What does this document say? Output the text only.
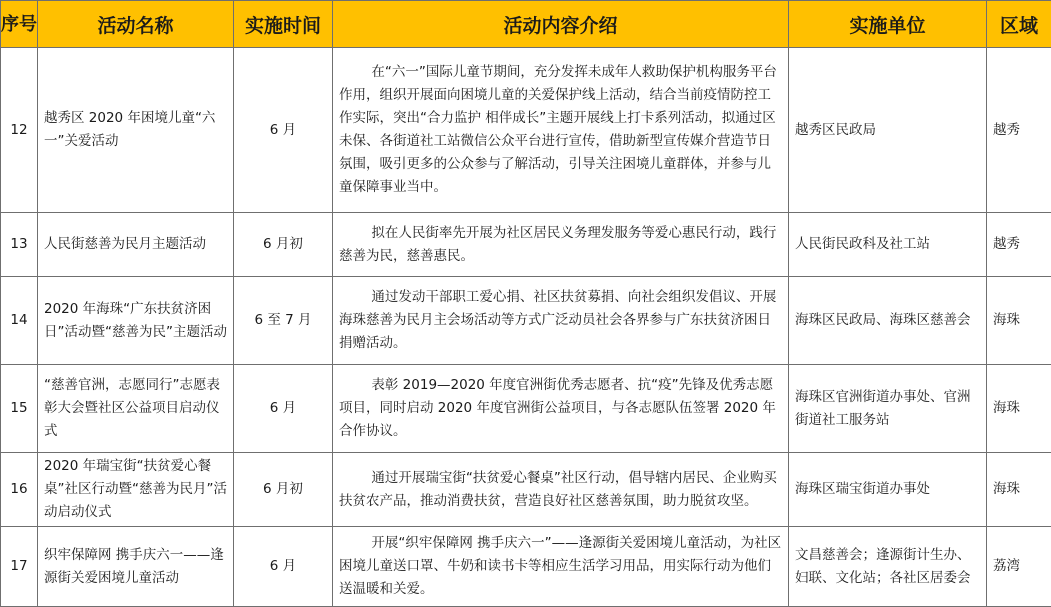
序号	活动名称	实施时间	活动内容介绍	实施单位	区域
12	越秀区 2020 年困境儿童“六一”关爱活动	6 月	在“六一”国际儿童节期间，充分发挥未成年人救助保护机构服务平台作用，组织开展面向困境儿童的关爱保护线上活动，结合当前疫情防控工作实际，突出“合力监护 相伴成长”主题开展线上打卡系列活动，拟通过区未保、各街道社工站微信公众平台进行宣传，借助新型宣传媒介营造节日氛围，吸引更多的公众参与了解活动，引导关注困境儿童群体，并参与儿童保障事业当中。	越秀区民政局	越秀
13	人民街慈善为民月主题活动	6 月初	拟在人民街率先开展为社区居民义务理发服务等爱心惠民行动，践行慈善为民，慈善惠民。	人民街民政科及社工站	越秀
14	2020 年海珠“广东扶贫济困日”活动暨“慈善为民”主题活动	6 至 7 月	通过发动干部职工爱心捐、社区扶贫募捐、向社会组织发倡议、开展海珠慈善为民月主会场活动等方式广泛动员社会各界参与广东扶贫济困日捐赠活动。	海珠区民政局、海珠区慈善会	海珠
15	“慈善官洲，志愿同行”志愿表彰大会暨社区公益项目启动仪式	6 月	表彰 2019—2020 年度官洲街优秀志愿者、抗“疫”先锋及优秀志愿项目，同时启动 2020 年度官洲街公益项目，与各志愿队伍签署 2020 年合作协议。	海珠区官洲街道办事处、官洲街道社工服务站	海珠
16	2020 年瑞宝街“扶贫爱心餐桌”社区行动暨“慈善为民月”活动启动仪式	6 月初	通过开展瑞宝街“扶贫爱心餐桌”社区行动，倡导辖内居民、企业购买扶贫农产品，推动消费扶贫，营造良好社区慈善氛围，助力脱贫攻坚。	海珠区瑞宝街道办事处	海珠
17	织牢保障网 携手庆六一——逢源街关爱困境儿童活动	6 月	开展“织牢保障网 携手庆六一”——逢源街关爱困境儿童活动，为社区困境儿童送口罩、牛奶和读书卡等相应生活学习用品，用实际行动为他们送温暖和关爱。	文昌慈善会；逢源街计生办、妇联、文化站；各社区居委会	荔湾
